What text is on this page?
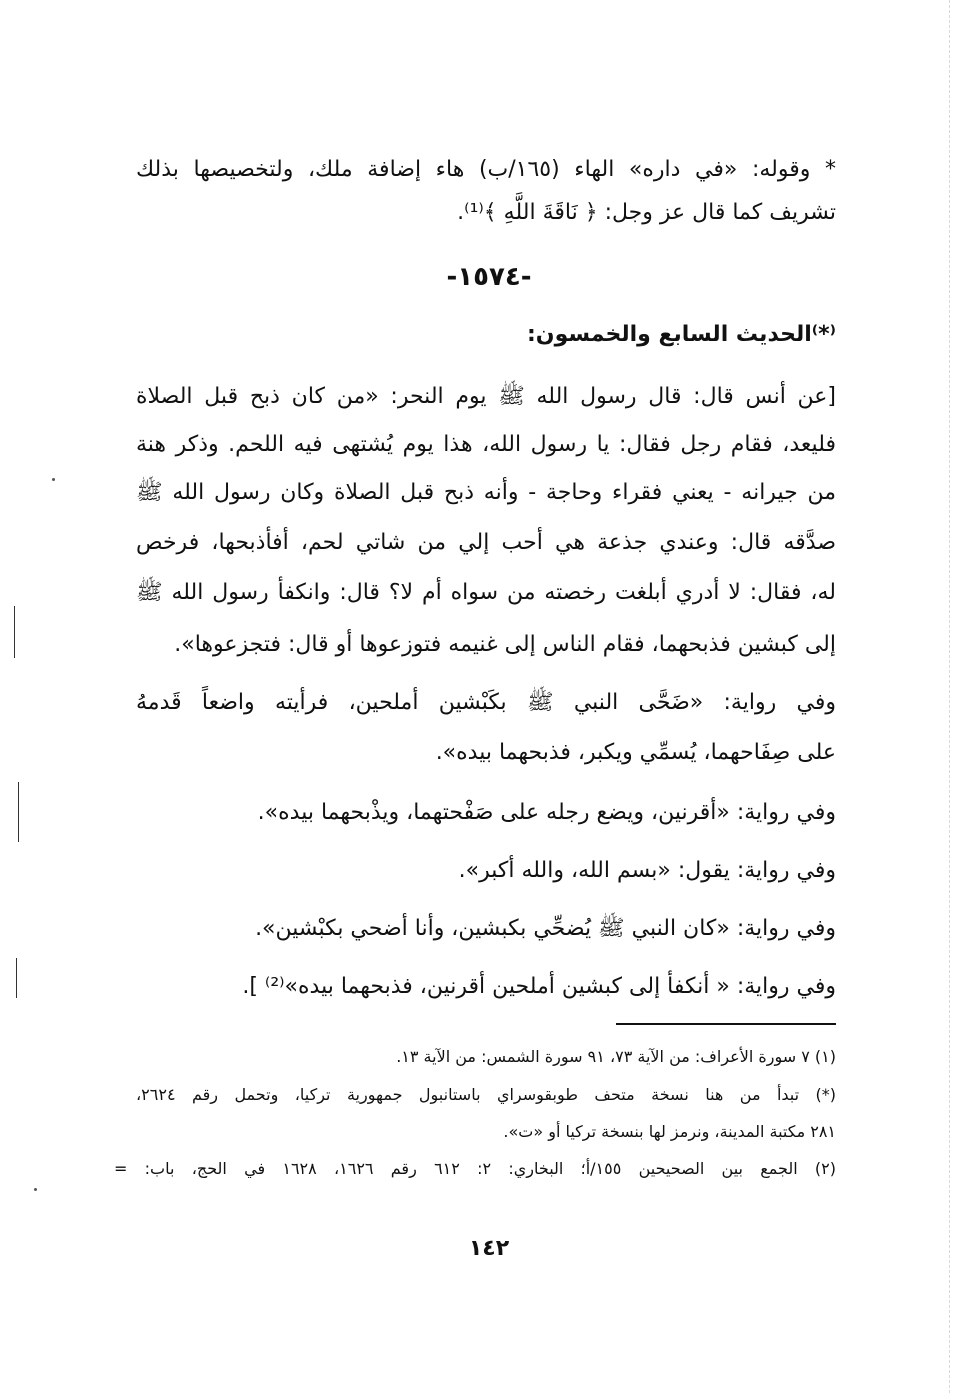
* وقوله: «في داره» الهاء (١٦٥/ب) هاء إضافة ملك، ولتخصيصها بذلك
تشريف كما قال عز وجل: ﴿ نَاقَةَ اللَّهِ ﴾⁽¹⁾.
-١٥٧٤-
⁽*⁾الحديث السابع والخمسون:
[عن أنس قال: قال رسول الله ﷺ يوم النحر: «من كان ذبح قبل الصلاة
فليعد، فقام رجل فقال: يا رسول الله، هذا يوم يُشتهى فيه اللحم. وذكر هنة
من جيرانه - يعني فقراء وحاجة - وأنه ذبح قبل الصلاة وكان رسول الله ﷺ
صدَّقه قال: وعندي جذعة هي أحب إلي من شاتي لحم، أفأذبحها، فرخص
له، فقال: لا أدري أبلغت رخصته من سواه أم لا؟ قال: وانكفأ رسول الله ﷺ
إلى كبشين فذبحهما، فقام الناس إلى غنيمه فتوزعوها أو قال: فتجزعوها».
وفي رواية: «ضَحَّى النبي ﷺ بكَبْشين أملحين، فرأيته واضعاً قَدمهُ
على صِفَاحهما، يُسمِّي ويكبر، فذبحهما بيده».
وفي رواية: «أقرنين، ويضع رجله على صَفْحتهما، ويذْبحهما بيده».
وفي رواية: يقول: «بسم الله، والله أكبر».
وفي رواية: «كان النبي ﷺ يُضحِّي بكبشين، وأنا أضحي بكبْشين».
وفي رواية: « أنكفأ إلى كبشين أملحين أقرنين، فذبحهما بيده»⁽²⁾ ].
(١) ٧ سورة الأعراف: من الآية ٧٣، ٩١ سورة الشمس: من الآية ١٣.
(*) تبدأ من هنا نسخة متحف طوبقوسراي باستانبول جمهورية تركيا، وتحمل رقم ٢٦٢٤،
٢٨١ مكتبة المدينة، ونرمز لها بنسخة تركيا أو «ت».
(٢) الجمع بين الصحيحين ١٥٥/أ؛ البخاري: ٢: ٦١٢ رقم ١٦٢٦، ١٦٢٨ في الحج، باب: =
١٤٢
